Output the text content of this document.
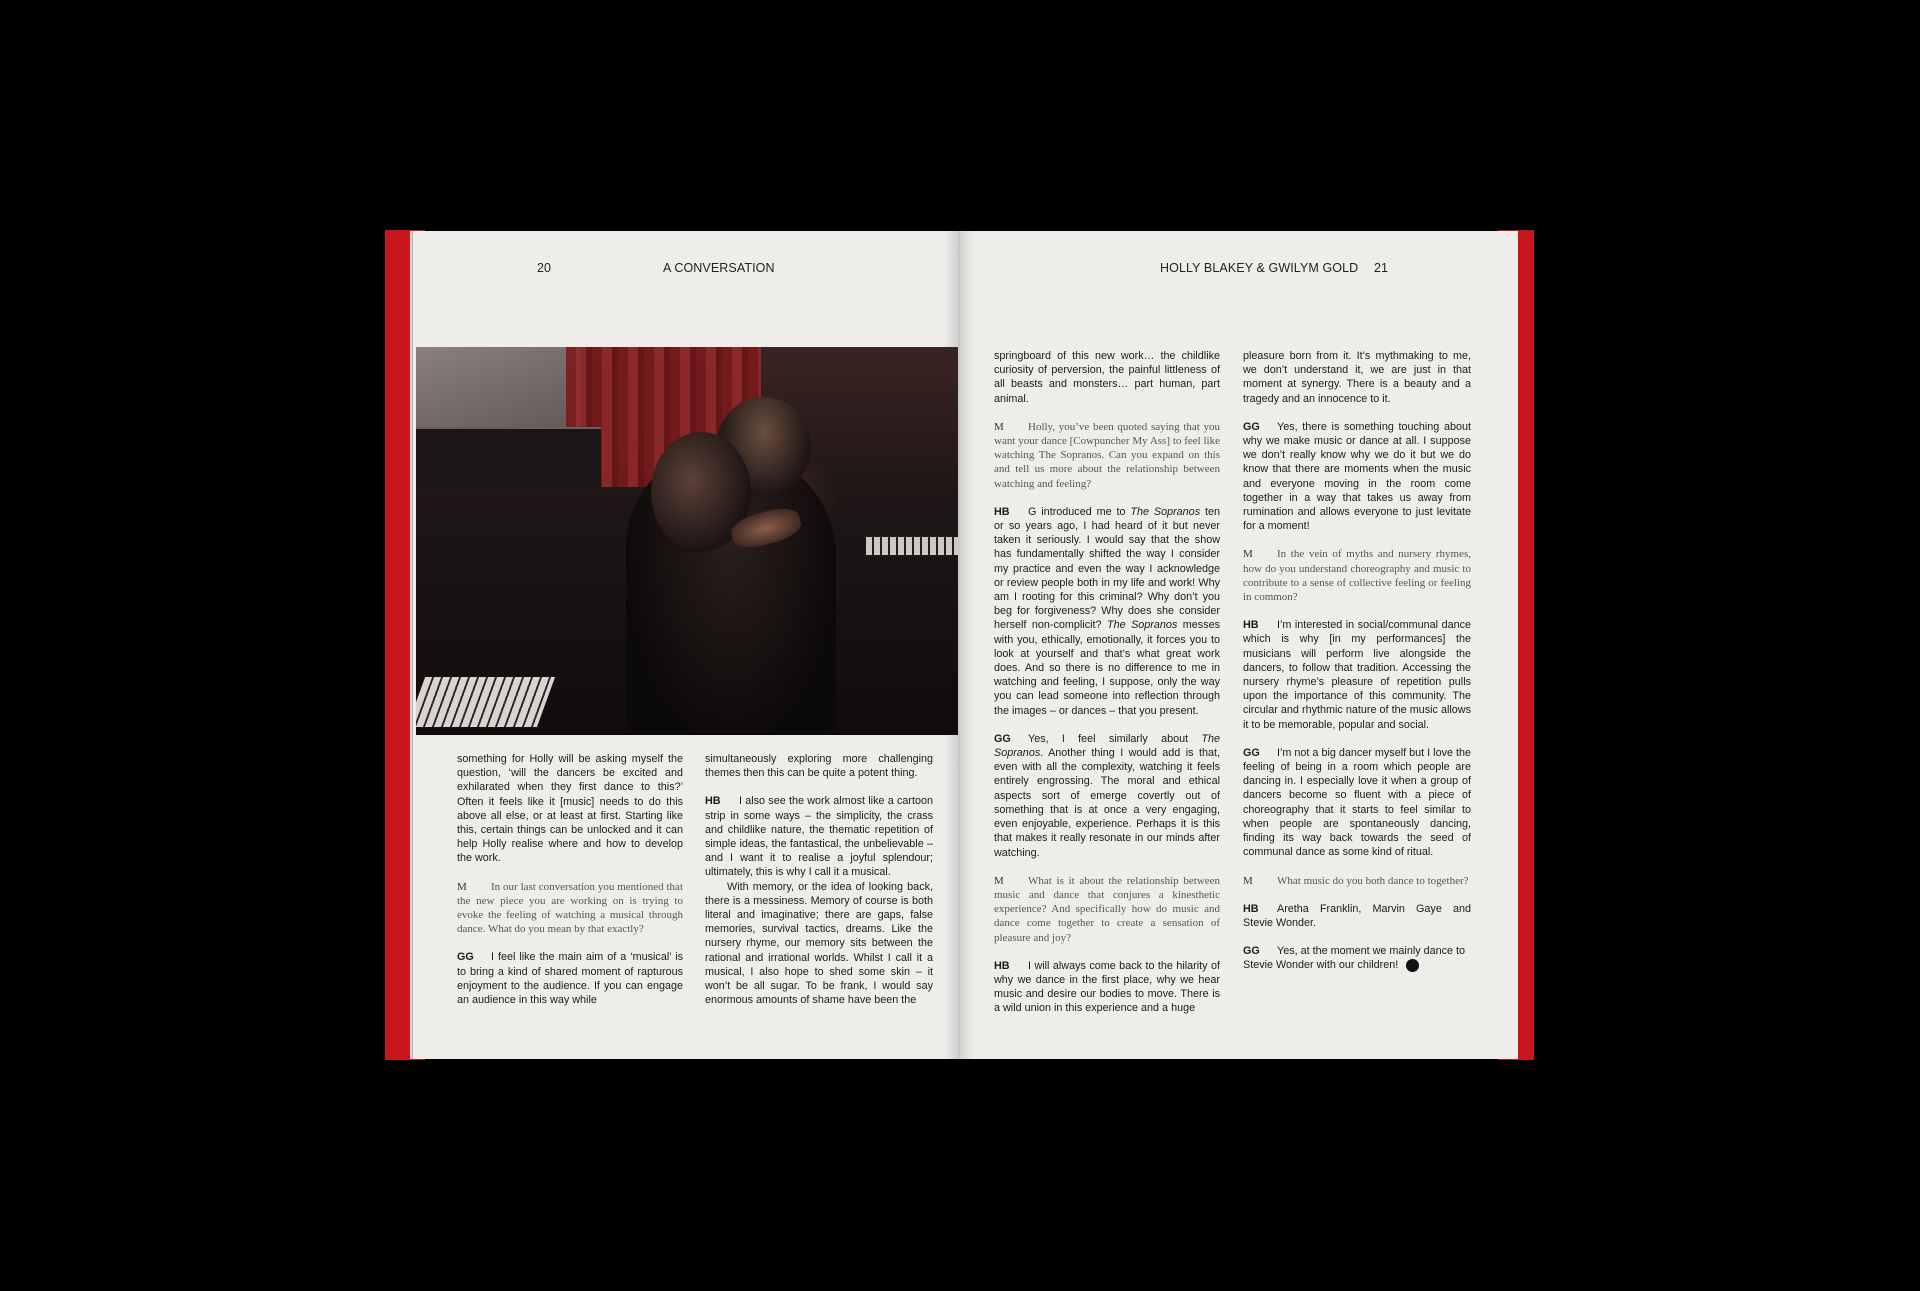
20	A CONVERSATION	HOLLY BLAKEY & GWILYM GOLD 21

something for Holly will be asking myself the question, ‘will the dancers be excited and exhilarated when they first dance to this?’ Often it feels like it [music] needs to do this above all else, or at least at first. Starting like this, certain things can be unlocked and it can help Holly realise where and how to develop the work.

M In our last conversation you mentioned that the new piece you are working on is trying to evoke the feeling of watching a musical through dance. What do you mean by that exactly?

GG I feel like the main aim of a ‘musical’ is to bring a kind of shared moment of rapturous enjoyment to the audience. If you can engage an audience in this way while

simultaneously exploring more challenging themes then this can be quite a potent thing.

HB I also see the work almost like a cartoon strip in some ways – the simplicity, the crass and childlike nature, the thematic repetition of simple ideas, the fantastical, the unbelievable – and I want it to realise a joyful splendour; ultimately, this is why I call it a musical.

With memory, or the idea of looking back, there is a messiness. Memory of course is both literal and imaginative; there are gaps, false memories, survival tactics, dreams. Like the nursery rhyme, our memory sits between the rational and irrational worlds. Whilst I call it a musical, I also hope to shed some skin – it won’t be all sugar. To be frank, I would say enormous amounts of shame have been the

springboard of this new work… the childlike curiosity of perversion, the painful littleness of all beasts and monsters… part human, part animal.

M Holly, you’ve been quoted saying that you want your dance [Cowpuncher My Ass] to feel like watching The Sopranos. Can you expand on this and tell us more about the relationship between watching and feeling?

HB G introduced me to The Sopranos ten or so years ago, I had heard of it but never taken it seriously. I would say that the show has fundamentally shifted the way I consider my practice and even the way I acknowledge or review people both in my life and work! Why am I rooting for this criminal? Why don’t you beg for forgiveness? Why does she consider herself non-complicit? The Sopranos messes with you, ethically, emotionally, it forces you to look at yourself and that’s what great work does. And so there is no difference to me in watching and feeling, I suppose, only the way you can lead someone into reflection through the images – or dances – that you present.

GG Yes, I feel similarly about The Sopranos. Another thing I would add is that, even with all the complexity, watching it feels entirely engrossing. The moral and ethical aspects sort of emerge covertly out of something that is at once a very engaging, even enjoyable, experience. Perhaps it is this that makes it really resonate in our minds after watching.

M What is it about the relationship between music and dance that conjures a kinesthetic experience? And specifically how do music and dance come together to create a sensation of pleasure and joy?

HB I will always come back to the hilarity of why we dance in the first place, why we hear music and desire our bodies to move. There is a wild union in this experience and a huge

pleasure born from it. It’s mythmaking to me, we don’t understand it, we are just in that moment at synergy. There is a beauty and a tragedy and an innocence to it.

GG Yes, there is something touching about why we make music or dance at all. I suppose we don’t really know why we do it but we do know that there are moments when the music and everyone moving in the room come together in a way that takes us away from rumination and allows everyone to just levitate for a moment!

M In the vein of myths and nursery rhymes, how do you understand choreography and music to contribute to a sense of collective feeling or feeling in common?

HB I’m interested in social/communal dance which is why [in my performances] the musicians will perform live alongside the dancers, to follow that tradition. Accessing the nursery rhyme’s pleasure of repetition pulls upon the importance of this community. The circular and rhythmic nature of the music allows it to be memorable, popular and social.

GG I’m not a big dancer myself but I love the feeling of being in a room which people are dancing in. I especially love it when a group of dancers become so fluent with a piece of choreography that it starts to feel similar to when people are spontaneously dancing, finding its way back towards the seed of communal dance as some kind of ritual.

M What music do you both dance to together?

HB Aretha Franklin, Marvin Gaye and Stevie Wonder.

GG Yes, at the moment we mainly dance to Stevie Wonder with our children!
